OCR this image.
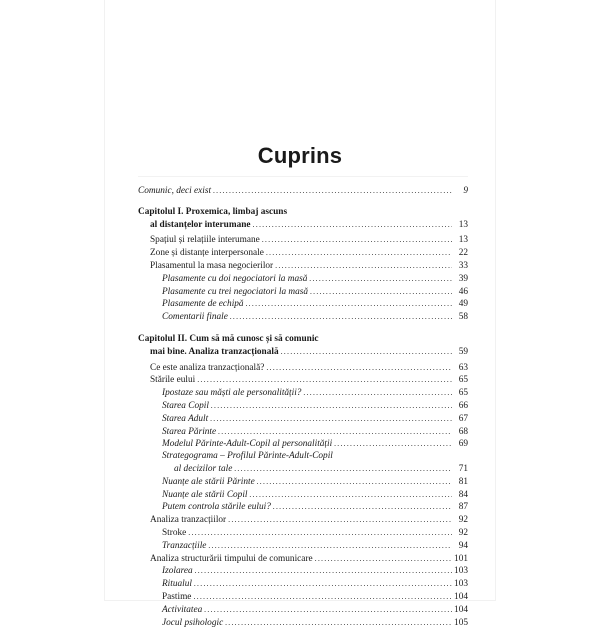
Cuprins
Comunic, deci exist .....	9
Capitolul I. Proxemica, limbaj ascuns
al distanțelor interumane .....	13
Spațiul și relațiile interumane .....	13
Zone și distanțe interpersonale .....	22
Plasamentul la masa negocierilor .....	33
Plasamente cu doi negociatori la masă .....	39
Plasamente cu trei negociatori la masă .....	46
Plasamente de echipă .....	49
Comentarii finale .....	58
Capitolul II. Cum să mă cunosc și să comunic
mai bine. Analiza tranzacțională .....	59
Ce este analiza tranzacțională? .....	63
Stările eului .....	65
Ipostaze sau măști ale personalității? .....	65
Starea Copil .....	66
Starea Adult .....	67
Starea Părinte .....	68
Modelul Părinte-Adult-Copil al personalității .....	69
Strategograma – Profilul Părinte-Adult-Copil
al decizilor tale .....	71
Nuanțe ale stării Părinte .....	81
Nuanțe ale stării Copil .....	84
Putem controla stările eului? .....	87
Analiza tranzacțiilor .....	92
Stroke .....	92
Tranzacțiile .....	94
Analiza structurării timpului de comunicare .....	101
Izolarea .....	103
Ritualul .....	103
Pastime .....	104
Activitatea .....	104
Jocul psihologic .....	105
